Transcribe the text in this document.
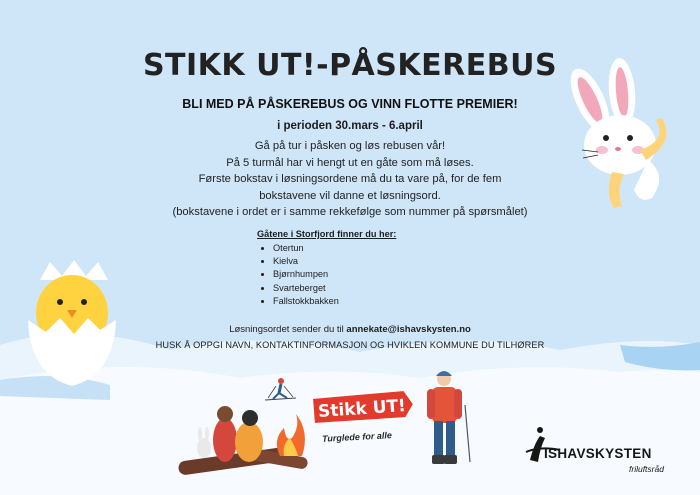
STIKK UT!-PÅSKEREBUS
BLI MED PÅ PÅSKEREBUS OG VINN FLOTTE PREMIER!
i perioden 30.mars - 6.april
Gå på tur i påsken og løs rebusen vår!
På 5 turmål har vi hengt ut en gåte som må løses.
Første bokstav i løsningsordene må du ta vare på, for de fem
bokstavene vil danne et løsningsord.
(bokstavene i ordet er i samme rekkefølge som nummer på spørsmålet)
Gåtene i Storfjord finner du her:
• Otertun
• Kielva
• Bjørnhumpen
• Svarteberget
• Fallstokkbakken
Løsningsordet sender du til annekate@ishavskysten.no
HUSK Å OPPGI NAVN, KONTAKTINFORMASJON OG HVIKLEN KOMMUNE DU TILHØRER
Stikk UT!
Turglede for alle
ISHAVSKYSTEN
friluftsråd
